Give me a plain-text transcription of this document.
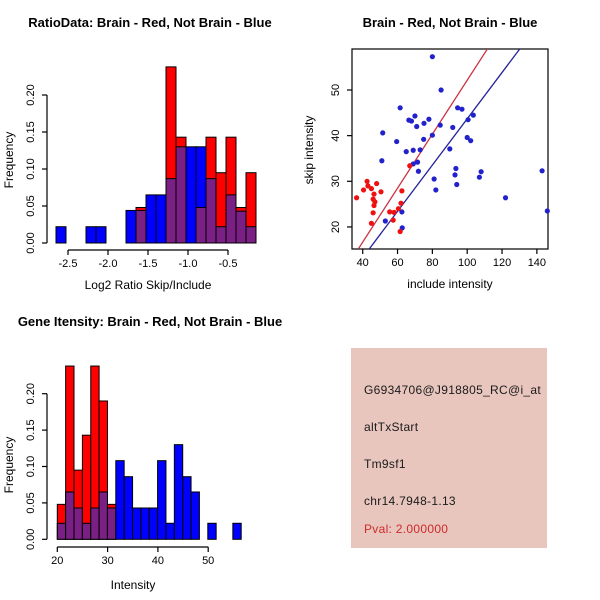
0.00
0.05
0.10
0.15
0.20
-2.5 -2.0 -1.5 -1.0 -0.5
RatioData: Brain - Red, Not Brain - Blue
Log2 Ratio Skip/Include
Frequency
40 60 80 100 120 140
20
30
40
50
Brain - Red, Not Brain - Blue
include intensity
skip intensity
0.00
0.05
0.10
0.15
0.20
20	30	40	50
Gene Itensity: Brain - Red, Not Brain - Blue
Intensity
Frequency
G6934706@J918805_RC@i_at
altTxStart
Tm9sf1
chr14.7948-1.13
Pval: 2.000000
